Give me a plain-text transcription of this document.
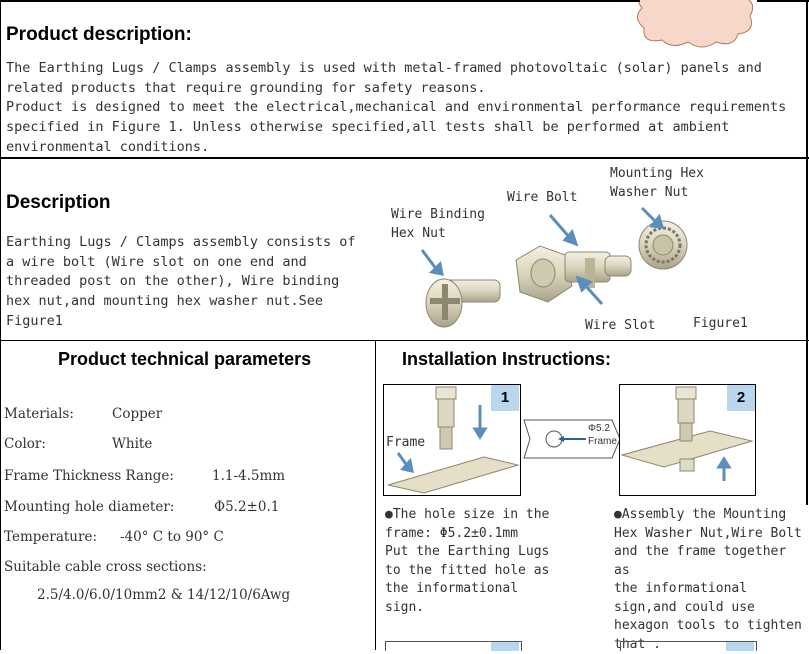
Product description:
The Earthing Lugs / Clamps assembly is used with metal-framed photovoltaic (solar) panels and
related products that require grounding for safety reasons.
Product is designed to meet the electrical,mechanical and environmental performance requirements
specified in Figure 1. Unless otherwise specified,all tests shall be performed at ambient
environmental conditions.
Description
Earthing Lugs / Clamps assembly consists of
a wire bolt (Wire slot on one end and
threaded post on the other), Wire binding
hex nut,and mounting hex washer nut.See
Figure1
Wire Binding
Hex Nut
Wire Bolt
Mounting Hex
Washer Nut
Wire Slot	Figure1
Product technical parameters
Materials:	Copper
Color:	White
Frame Thickness Range:	1.1-4.5mm
Mounting hole diameter:	Φ5.2±0.1
Temperature: -40° C to 90° C
Suitable cable cross sections:
2.5/4.0/6.0/10mm2 & 14/12/10/6Awg
Installation Instructions:
1
Frame
Φ5.2
Frame
2
●The hole size in the
frame: Φ5.2±0.1mm
Put the Earthing Lugs
to the fitted hole as
the informational
sign.
●Assembly the Mounting
Hex Washer Nut,Wire Bolt
and the frame together as
the informational
sign,and could use
hexagon tools to tighten
that .
